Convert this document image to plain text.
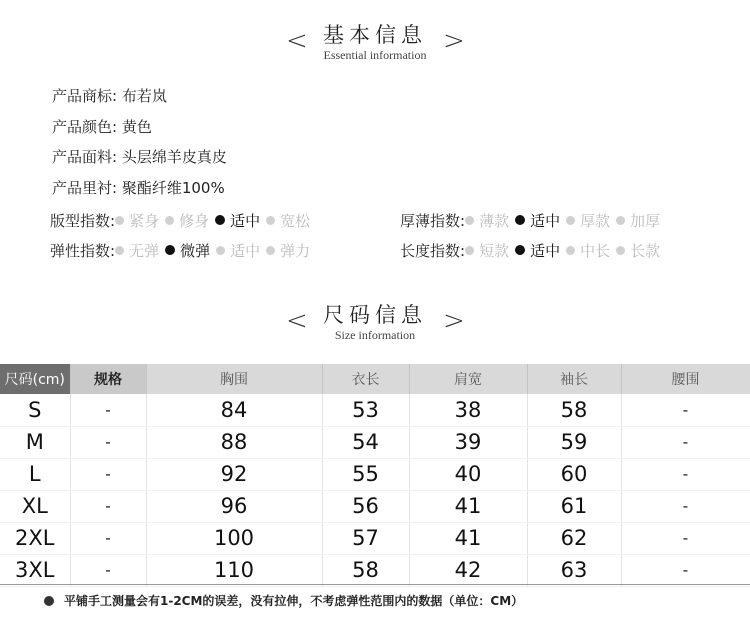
< 基本信息
Essential information >
产品商标: 布若岚
产品颜色: 黄色
产品面料: 头层绵羊皮真皮
产品里衬: 聚酯纤维100%
版型指数: 紧身 修身 适中 宽松	厚薄指数: 薄款 适中 厚款 加厚
弹性指数: 无弹 微弹 适中 弹力	长度指数: 短款 适中 中长 长款
< 尺码信息
Size information	>
尺码(cm)	规格	胸围	衣长	肩宽	袖长	腰围
S	-	84	53	38	58	-
M	-	88	54	39	59	-
L	-	92	55	40	60	-
XL	-	96	56	41	61	-
2XL	-	100	57	41	62	-
3XL	-	110	58	42	63	-
平铺手工测量会有1-2CM的误差，没有拉伸，不考虑弹性范围内的数据（单位：CM）
